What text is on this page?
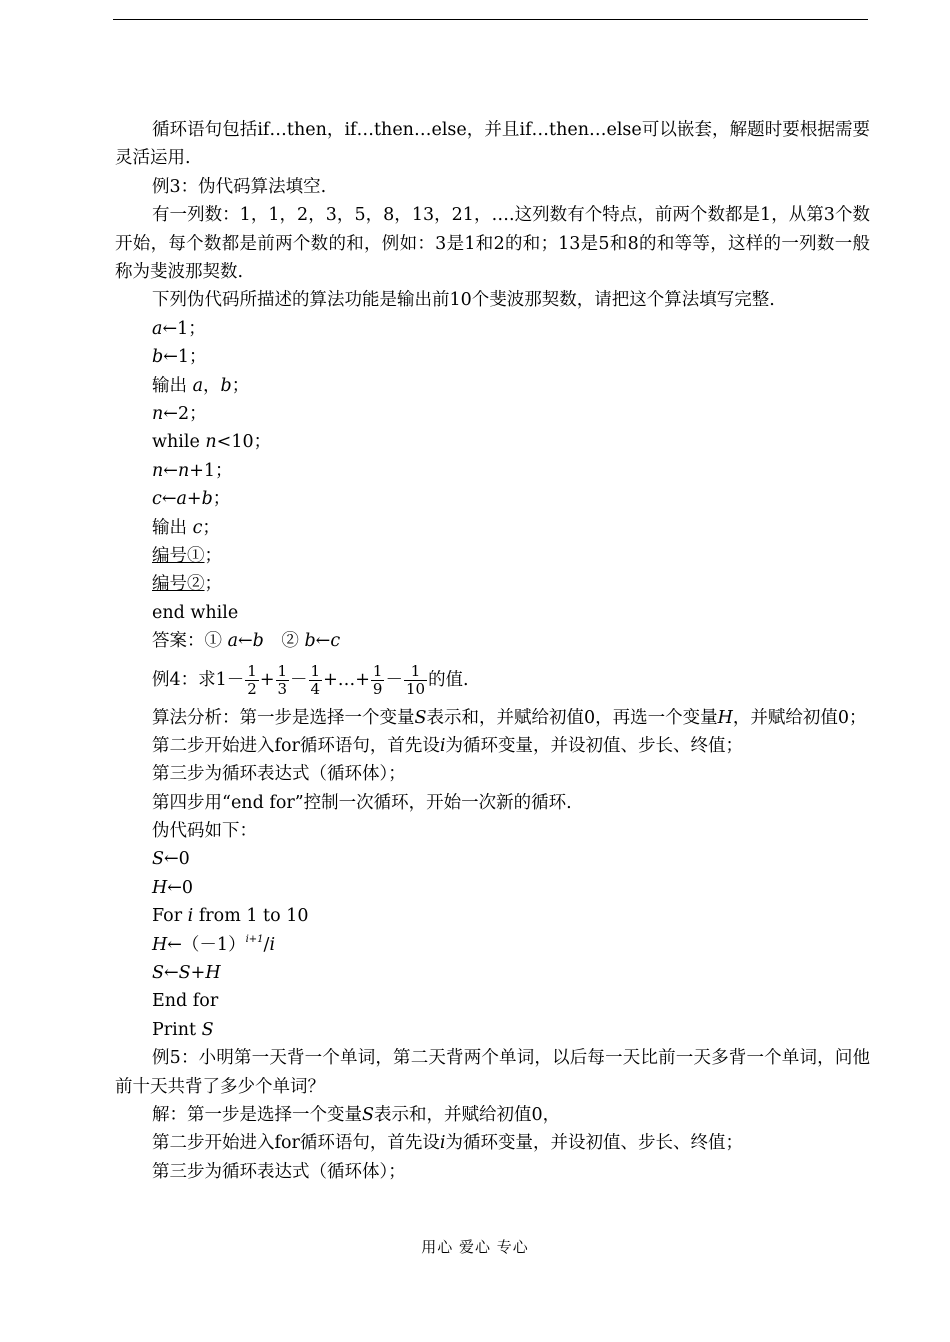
循环语句包括if…then，if…then…else，并且if…then…else可以嵌套，解题时要根据需要灵活运用.
例3：伪代码算法填空.
有一列数：1，1，2，3，5，8，13，21，….这列数有个特点，前两个数都是1，从第3个数开始，每个数都是前两个数的和，例如：3是1和2的和；13是5和8的和等等，这样的一列数一般称为斐波那契数.
下列伪代码所描述的算法功能是输出前10个斐波那契数，请把这个算法填写完整.
a←1；
b←1；
输出 a，b；
n←2；
while n<10；
n←n+1；
c←a+b；
输出 c；
编号①；
编号②；
end while
答案：① a←b　② b←c
例4：求$1- \frac{1}{2} + \frac{1}{3} - \frac{1}{4}$ +…+ $\frac{1}{9} - \frac{1}{10}$ 的值.
算法分析：第一步是选择一个变量S表示和，并赋给初值0，再选一个变量H，并赋给初值0；
第二步开始进入for循环语句，首先设i为循环变量，并设初值、步长、终值；
第三步为循环表达式（循环体）；
第四步用“end for”控制一次循环，开始一次新的循环.
伪代码如下：
S←0
H←0
For i from 1 to 10
$H\leftarrow(-1)^{i+1}/i$
S←S+H
End for
Print S
例5：小明第一天背一个单词，第二天背两个单词，以后每一天比前一天多背一个单词，问他前十天共背了多少个单词？
解：第一步是选择一个变量S表示和，并赋给初值0，
第二步开始进入for循环语句，首先设i为循环变量，并设初值、步长、终值；
第三步为循环表达式（循环体）；
用心 爱心 专心
